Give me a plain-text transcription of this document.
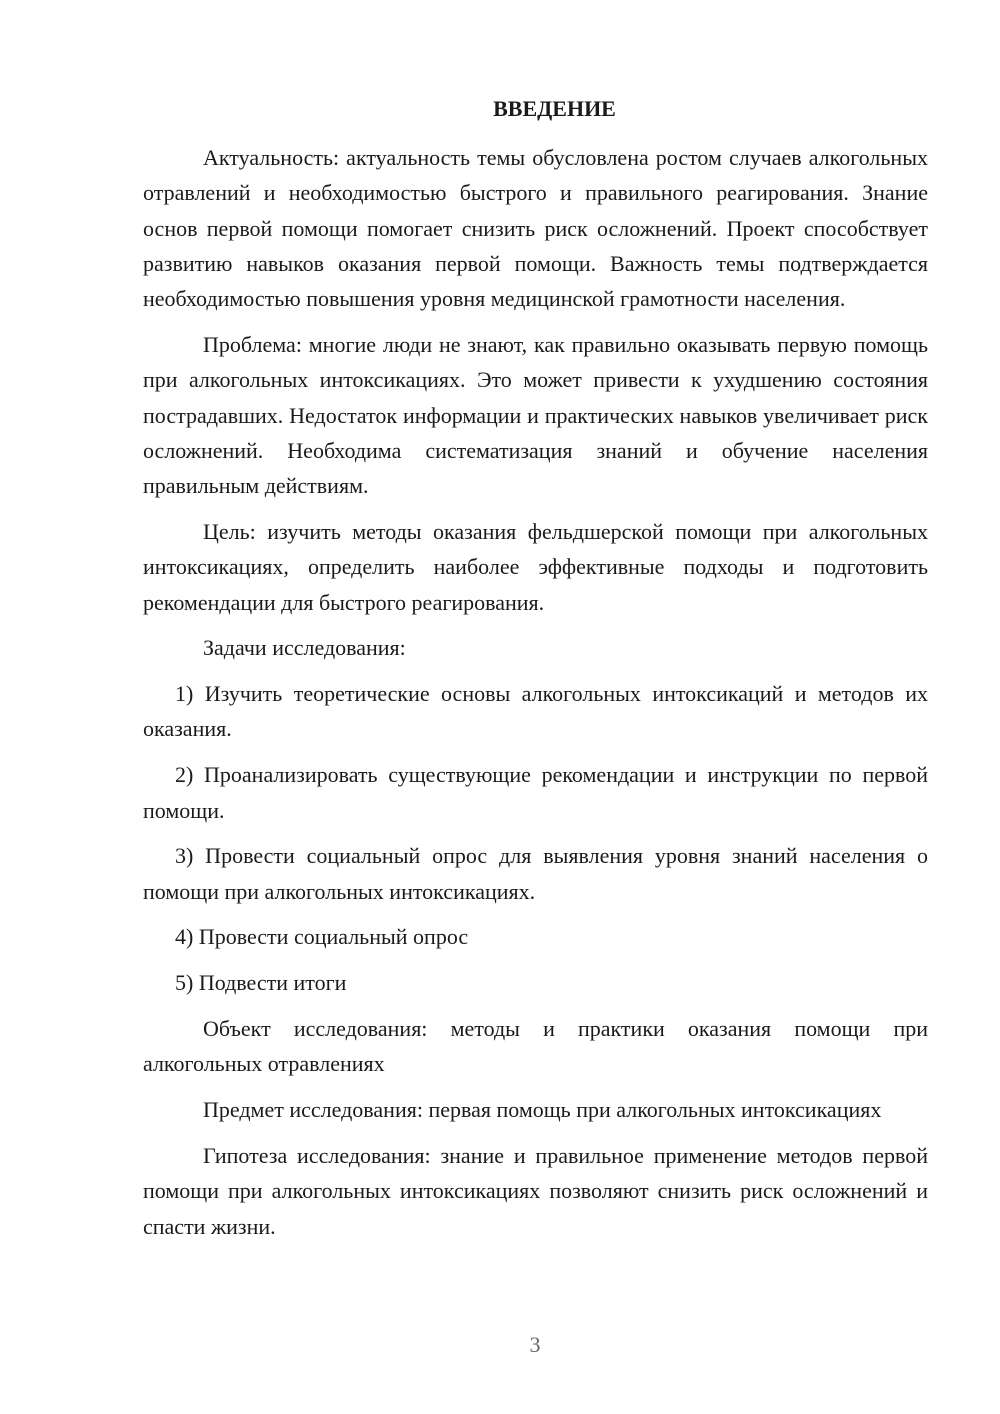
ВВЕДЕНИЕ

Актуальность: актуальность темы обусловлена ростом случаев алкогольных отравлений и необходимостью быстрого и правильного реагирования. Знание основ первой помощи помогает снизить риск осложнений. Проект способствует развитию навыков оказания первой помощи. Важность темы подтверждается необходимостью повышения уровня медицинской грамотности населения.

Проблема: многие люди не знают, как правильно оказывать первую помощь при алкогольных интоксикациях. Это может привести к ухудшению состояния пострадавших. Недостаток информации и практических навыков увеличивает риск осложнений. Необходима систематизация знаний и обучение населения правильным действиям.

Цель: изучить методы оказания фельдшерской помощи при алкогольных интоксикациях, определить наиболее эффективные подходы и подготовить рекомендации для быстрого реагирования.

Задачи исследования:

1) Изучить теоретические основы алкогольных интоксикаций и методов их оказания.

2) Проанализировать существующие рекомендации и инструкции по первой помощи.

3) Провести социальный опрос для выявления уровня знаний населения о помощи при алкогольных интоксикациях.

4) Провести социальный опрос

5) Подвести итоги

Объект исследования: методы и практики оказания помощи при алкогольных отравлениях

Предмет исследования: первая помощь при алкогольных интоксикациях

Гипотеза исследования: знание и правильное применение методов первой помощи при алкогольных интоксикациях позволяют снизить риск осложнений и спасти жизни.

3
